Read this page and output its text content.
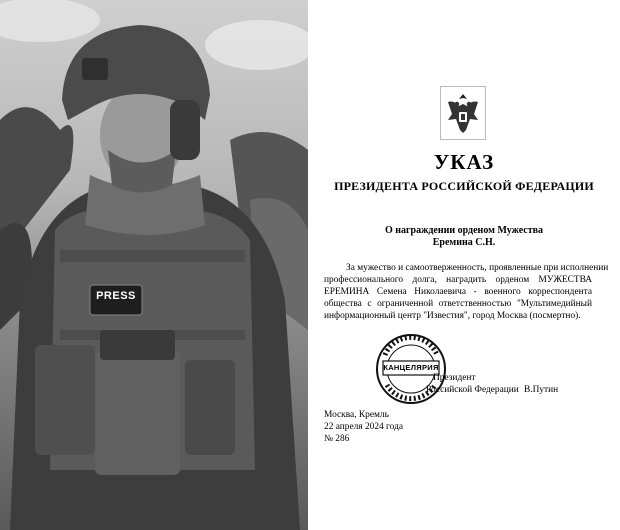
PRESS
УКАЗ
ПРЕЗИДЕНТА РОССИЙСКОЙ ФЕДЕРАЦИИ
О награждении орденом Мужества
Еремина С.Н.
За мужество и самоотверженность, проявленные при исполнении
профессионального долга, наградить орденом МУЖЕСТВА
ЕРЕМИНА Семена Николаевича - военного корреспондента
общества с ограниченной ответственностью "Мультимедийный
информационный центр "Известия", город Москва (посмертно).
КАНЦЕЛЯРИЯ
Президент
Российской Федерации В.Путин
Москва, Кремль
22 апреля 2024 года
№ 286
